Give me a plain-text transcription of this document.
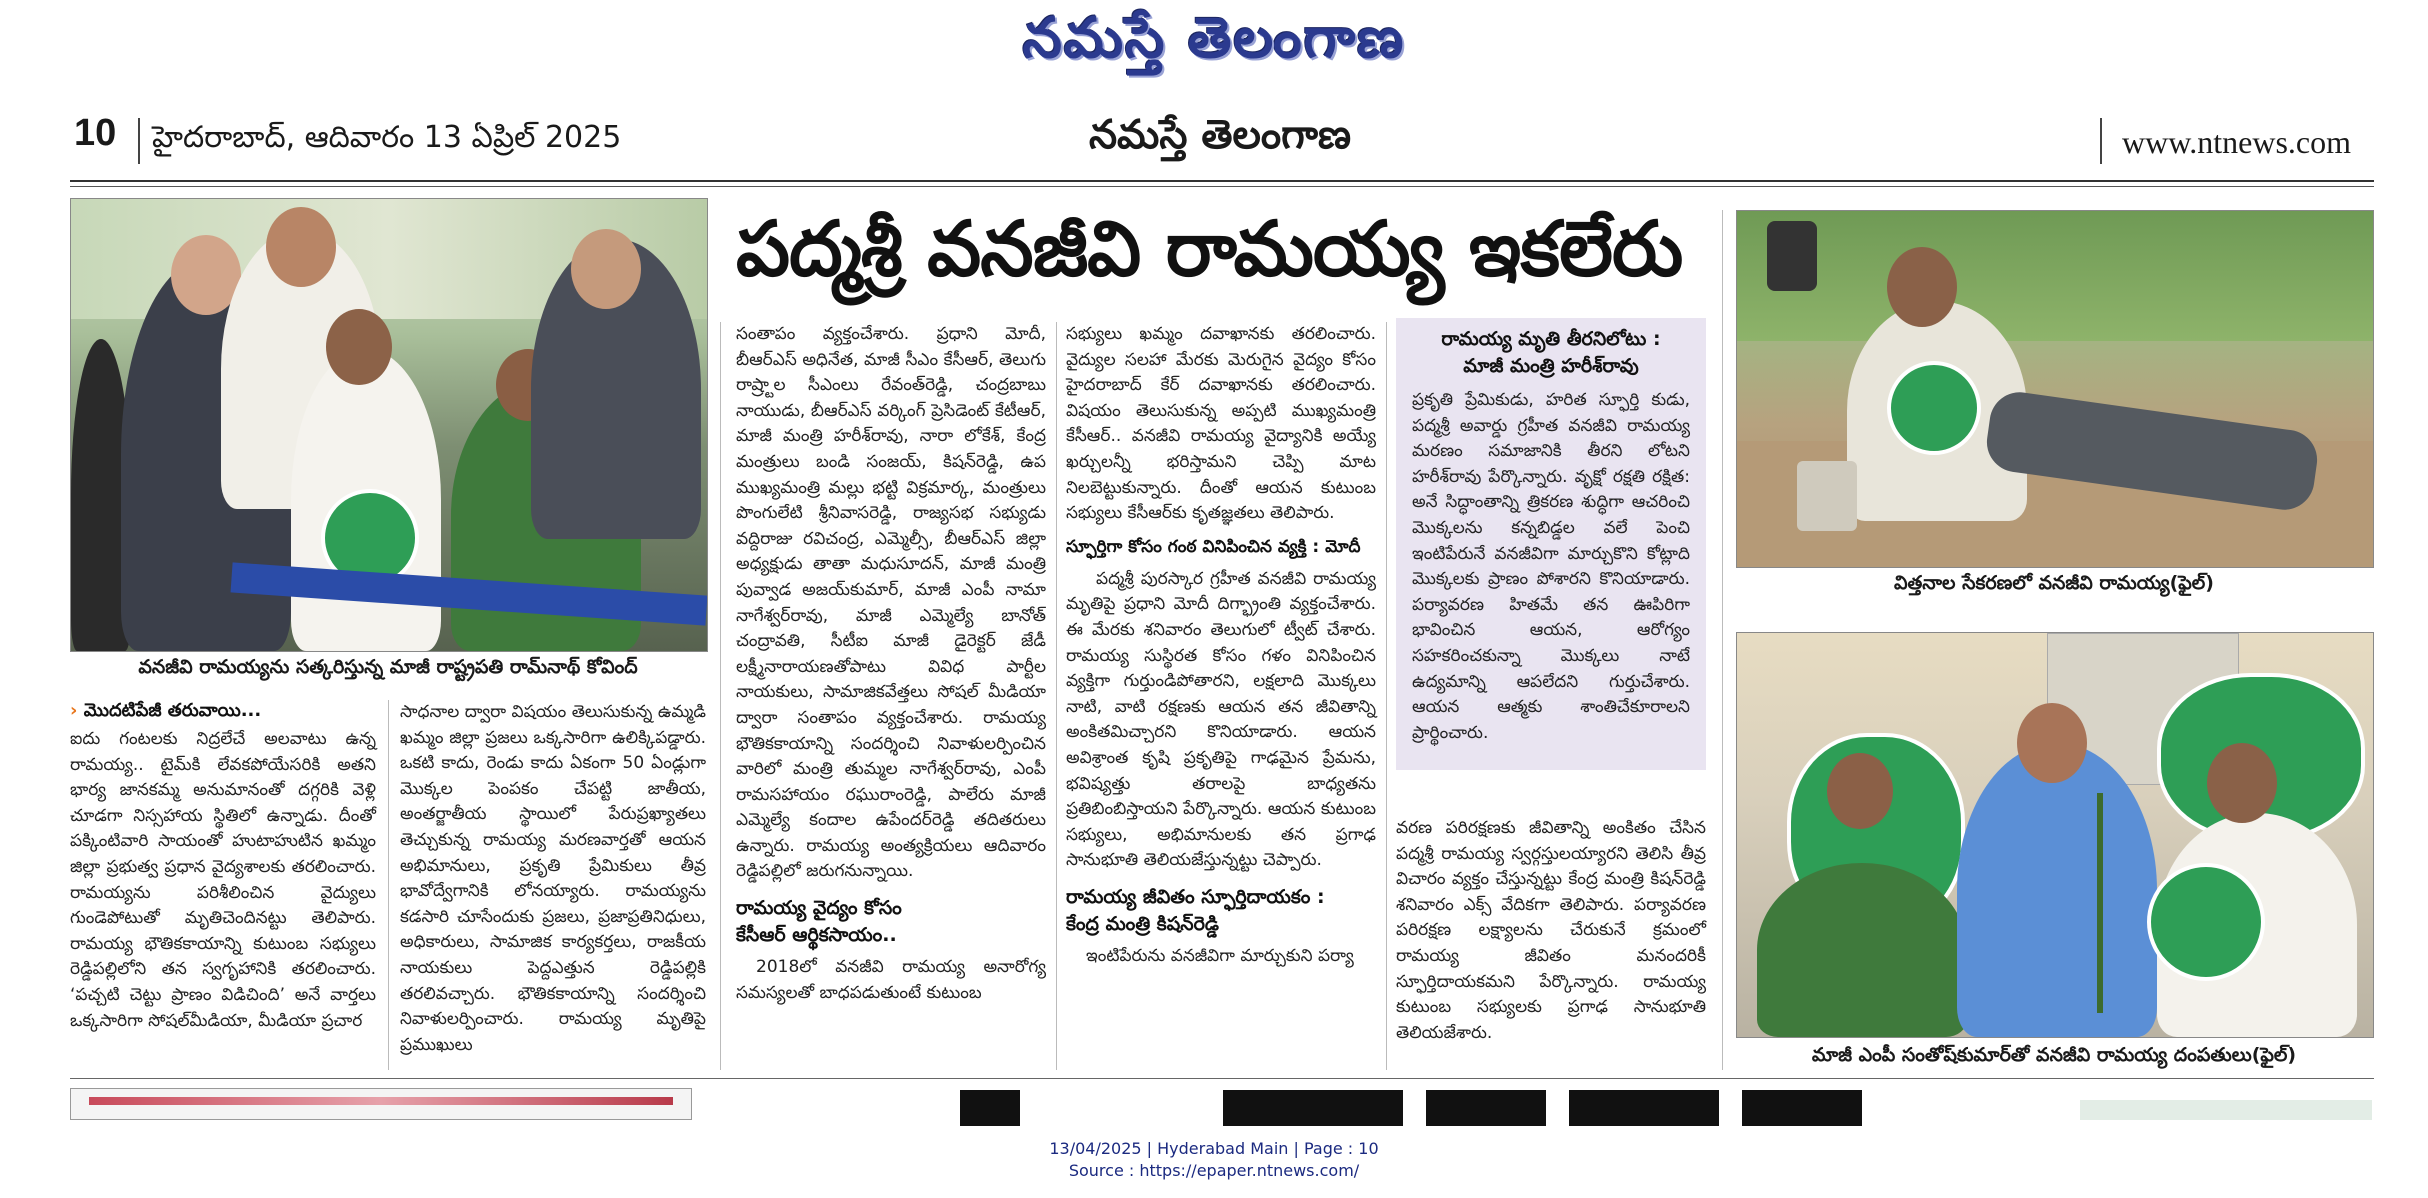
నమస్తే తెలంగాణ
10 హైదరాబాద్‌, ఆదివారం 13 ఏప్రిల్‌ 2025	నమస్తే తెలంగాణ	www.ntnews.com
వనజీవి రామయ్యను సత్కరిస్తున్న మాజీ రాష్ట్రపతి రామ్‌నాథ్‌ కోవింద్‌
పద్మశ్రీ వనజీవి రామయ్య ఇకలేరు
› మొదటిపేజీ తరువాయి...
ఐదు గంటలకు నిద్రలేచే అలవాటు ఉన్న రామయ్య.. టైమ్‌కి లేవకపోయేసరికి అతని భార్య జానకమ్మ అనుమానంతో దగ్గరికి వెళ్లి చూడగా నిస్సహాయ స్థితిలో ఉన్నాడు. దీంతో పక్కింటివారి సాయంతో హుటాహుటిన ఖమ్మం జిల్లా ప్రభుత్వ ప్రధాన వైద్యశాలకు తరలించారు. రామయ్యను పరిశీలించిన వైద్యులు గుండెపోటుతో మృతిచెందినట్టు తెలిపారు. రామయ్య భౌతికకాయాన్ని కుటుంబ సభ్యులు రెడ్డిపల్లిలోని తన స్వగృహానికి తరలించారు. ‘పచ్చటి చెట్టు ప్రాణం విడిచింది’ అనే వార్తలు ఒక్కసారిగా సోషల్‌మీడియా, మీడియా ప్రచార
సాధనాల ద్వారా విషయం తెలుసుకున్న ఉమ్మడి ఖమ్మం జిల్లా ప్రజలు ఒక్కసారిగా ఉలిక్కిపడ్డారు. ఒకటి కాదు, రెండు కాదు ఏకంగా 50 ఏండ్లుగా మొక్కల పెంపకం చేపట్టి జాతీయ, అంతర్జాతీయ స్థాయిలో పేరుప్రఖ్యాతలు తెచ్చుకున్న రామయ్య మరణవార్తతో ఆయన అభిమానులు, ప్రకృతి ప్రేమికులు తీవ్ర భావోద్వేగానికి లోనయ్యారు. రామయ్యను కడసారి చూసేందుకు ప్రజలు, ప్రజాప్రతినిధులు, అధికారులు, సామాజిక కార్యకర్తలు, రాజకీయ నాయకులు పెద్దఎత్తున రెడ్డిపల్లికి తరలివచ్చారు. భౌతికకాయాన్ని సందర్శించి నివాళులర్పించారు. రామయ్య మృతిపై ప్రముఖులు
సంతాపం వ్యక్తంచేశారు. ప్రధాని మోదీ, బీఆర్‌ఎస్‌ అధినేత, మాజీ సీఎం కేసీఆర్‌, తెలుగు రాష్ర్టాల సీఎంలు రేవంత్‌రెడ్డి, చంద్రబాబు నాయుడు, బీఆర్‌ఎస్‌ వర్కింగ్‌ ప్రెసిడెంట్‌ కేటీఆర్‌, మాజీ మంత్రి హరీశ్‌రావు, నారా లోకేశ్‌, కేంద్ర మంత్రులు బండి సంజయ్‌, కిషన్‌రెడ్డి, ఉప ముఖ్యమంత్రి మల్లు భట్టి విక్రమార్క, మంత్రులు పొంగులేటి శ్రీనివాసరెడ్డి, రాజ్యసభ సభ్యుడు వద్దిరాజు రవిచంద్ర, ఎమ్మెల్సీ, బీఆర్‌ఎస్‌ జిల్లా అధ్యక్షుడు తాతా మధుసూదన్‌, మాజీ మంత్రి పువ్వాడ అజయ్‌కుమార్‌, మాజీ ఎంపీ నామా నాగేశ్వర్‌రావు, మాజీ ఎమ్మెల్యే బానోత్‌ చంద్రావతి, సీటీఐ మాజీ డైరెక్టర్‌ జేడీ లక్ష్మీనారాయణతోపాటు వివిధ పార్టీల నాయకులు, సామాజికవేత్తలు సోషల్‌ మీడియా ద్వారా సంతాపం వ్యక్తంచేశారు. రామయ్య భౌతికకాయాన్ని సందర్శించి నివాళులర్పించిన వారిలో మంత్రి తుమ్మల నాగేశ్వర్‌రావు, ఎంపీ రామసహాయం రఘురాంరెడ్డి, పాలేరు మాజీ ఎమ్మెల్యే కందాల ఉపేందర్‌రెడ్డి తదితరులు ఉన్నారు. రామయ్య అంత్యక్రియలు ఆదివారం రెడ్డిపల్లిలో జరుగనున్నాయి.
రామయ్య వైద్యం కోసం
కేసీఆర్‌ ఆర్థికసాయం..
2018లో వనజీవి రామయ్య అనారోగ్య సమస్యలతో బాధపడుతుంటే కుటుంబ
సభ్యులు ఖమ్మం దవాఖానకు తరలించారు. వైద్యుల సలహా మేరకు మెరుగైన వైద్యం కోసం హైదరాబాద్‌ కేర్‌ దవాఖానకు తరలించారు. విషయం తెలుసుకున్న అప్పటి ముఖ్యమంత్రి కేసీఆర్‌.. వనజీవి రామయ్య వైద్యానికి అయ్యే ఖర్చులన్నీ భరిస్తామని చెప్పి మాట నిలబెట్టుకున్నారు. దీంతో ఆయన కుటుంబ సభ్యులు కేసీఆర్‌కు కృతజ్ఞతలు తెలిపారు.
స్ఫూర్తిగా కోసం గంఠ వినిపించిన వ్యక్తి : మోదీ
పద్మశ్రీ పురస్కార గ్రహీత వనజీవి రామయ్య మృతిపై ప్రధాని మోదీ దిగ్భ్రాంతి వ్యక్తంచేశారు. ఈ మేరకు శనివారం తెలుగులో ట్వీట్‌ చేశారు. రామయ్య సుస్థిరత కోసం గళం వినిపించిన వ్యక్తిగా గుర్తుండిపోతారని, లక్షలాది మొక్కలు నాటి, వాటి రక్షణకు ఆయన తన జీవితాన్ని అంకితమిచ్చారని కొనియాడారు. ఆయన అవిశ్రాంత కృషి ప్రకృతిపై గాఢమైన ప్రేమను, భవిష్యత్తు తరాలపై బాధ్యతను ప్రతిబింబిస్తాయని పేర్కొన్నారు. ఆయన కుటుంబ సభ్యులు, అభిమానులకు తన ప్రగాఢ సానుభూతి తెలియజేస్తున్నట్టు చెప్పారు.
రామయ్య జీవితం స్ఫూర్తిదాయకం :
కేంద్ర మంత్రి కిషన్‌రెడ్డి
ఇంటిపేరును వనజీవిగా మార్చుకుని పర్యా
రామయ్య మృతి తీరనిలోటు :
మాజీ మంత్రి హరీశ్‌రావు
ప్రకృతి ప్రేమికుడు, హరిత స్ఫూర్తి కుడు, పద్మశ్రీ అవార్డు గ్రహీత వనజీవి రామయ్య మరణం సమాజానికి తీరని లోటని హరీశ్‌రావు పేర్కొన్నారు. వృక్షో రక్షతి రక్షిత: అనే సిద్ధాంతాన్ని త్రికరణ శుద్ధిగా ఆచరించి మొక్కలను కన్నబిడ్డల వలే పెంచి ఇంటిపేరునే వనజీవిగా మార్చుకొని కోట్లాది మొక్కలకు ప్రాణం పోశారని కొనియాడారు. పర్యావరణ హితమే తన ఊపిరిగా భావించిన ఆయన, ఆరోగ్యం సహకరించకున్నా మొక్కలు నాటే ఉద్యమాన్ని ఆపలేదని గుర్తుచేశారు. ఆయన ఆత్మకు శాంతిచేకూరాలని ప్రార్థించారు.
వరణ పరిరక్షణకు జీవితాన్ని అంకితం చేసిన పద్మశ్రీ రామయ్య స్వర్గస్తులయ్యారని తెలిసి తీవ్ర విచారం వ్యక్తం చేస్తున్నట్టు కేంద్ర మంత్రి కిషన్‌రెడ్డి శనివారం ఎక్స్‌ వేదికగా తెలిపారు. పర్యావరణ పరిరక్షణ లక్ష్యాలను చేరుకునే క్రమంలో రామయ్య జీవితం మనందరికీ స్ఫూర్తిదాయకమని పేర్కొన్నారు. రామయ్య కుటుంబ సభ్యులకు ప్రగాఢ సానుభూతి తెలియజేశారు.
విత్తనాల సేకరణలో వనజీవి రామయ్య(ఫైల్‌)
మాజీ ఎంపీ సంతోష్‌కుమార్‌తో వనజీవి రామయ్య దంపతులు(ఫైల్‌)

13/04/2025 | Hyderabad Main | Page : 10
Source : https://epaper.ntnews.com/
